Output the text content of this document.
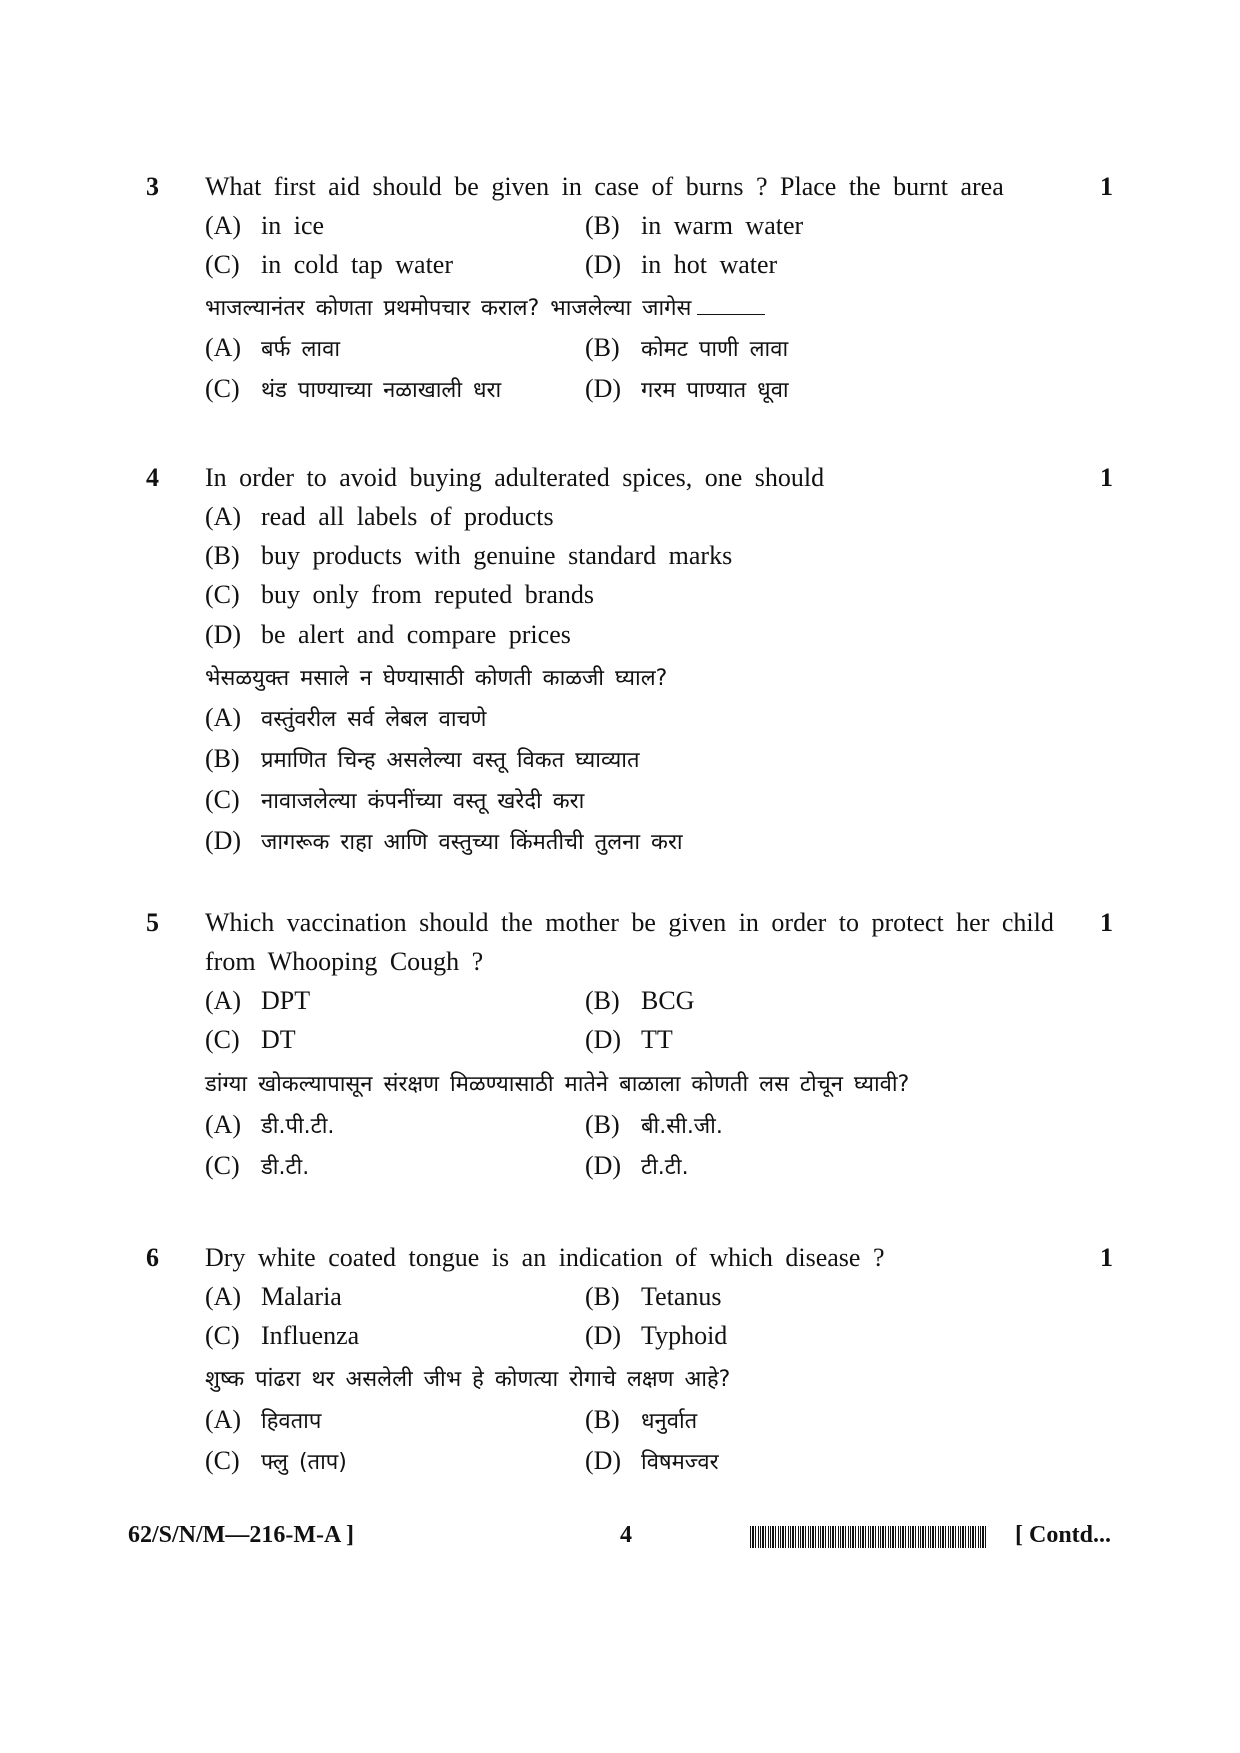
3	1
What first aid should be given in case of burns ? Place the burnt area
(A) in ice	(B) in warm water
(C) in cold tap water	(D) in hot water
भाजल्यानंतर कोणता प्रथमोपचार कराल? भाजलेल्या जागेस
(A) बर्फ लावा	(B) कोमट पाणी लावा
(C) थंड पाण्याच्या नळाखाली धरा	(D) गरम पाण्यात धूवा
4	1
In order to avoid buying adulterated spices, one should
(A) read all labels of products
(B) buy products with genuine standard marks
(C) buy only from reputed brands
(D) be alert and compare prices
भेसळयुक्त मसाले न घेण्यासाठी कोणती काळजी घ्याल?
(A) वस्तुंवरील सर्व लेबल वाचणे
(B) प्रमाणित चिन्ह असलेल्या वस्तू विकत घ्याव्यात
(C) नावाजलेल्या कंपनींच्या वस्तू खरेदी करा
(D) जागरूक राहा आणि वस्तुच्या किंमतीची तुलना करा
5	1
Which vaccination should the mother be given in order to protect her child
from Whooping Cough ?
(A) DPT	(B) BCG
(C) DT	(D) TT
डांग्या खोकल्यापासून संरक्षण मिळण्यासाठी मातेने बाळाला कोणती लस टोचून घ्यावी?
(A) डी.पी.टी.	(B) बी.सी.जी.
(C) डी.टी.	(D) टी.टी.
6	1
Dry white coated tongue is an indication of which disease ?
(A) Malaria	(B) Tetanus
(C) Influenza	(D) Typhoid
शुष्क पांढरा थर असलेली जीभ हे कोणत्या रोगाचे लक्षण आहे?
(A) हिवताप	(B) धनुर्वात
(C) फ्लु (ताप)	(D) विषमज्वर
62/S/N/M—216-M-A ]	4	[ Contd...
